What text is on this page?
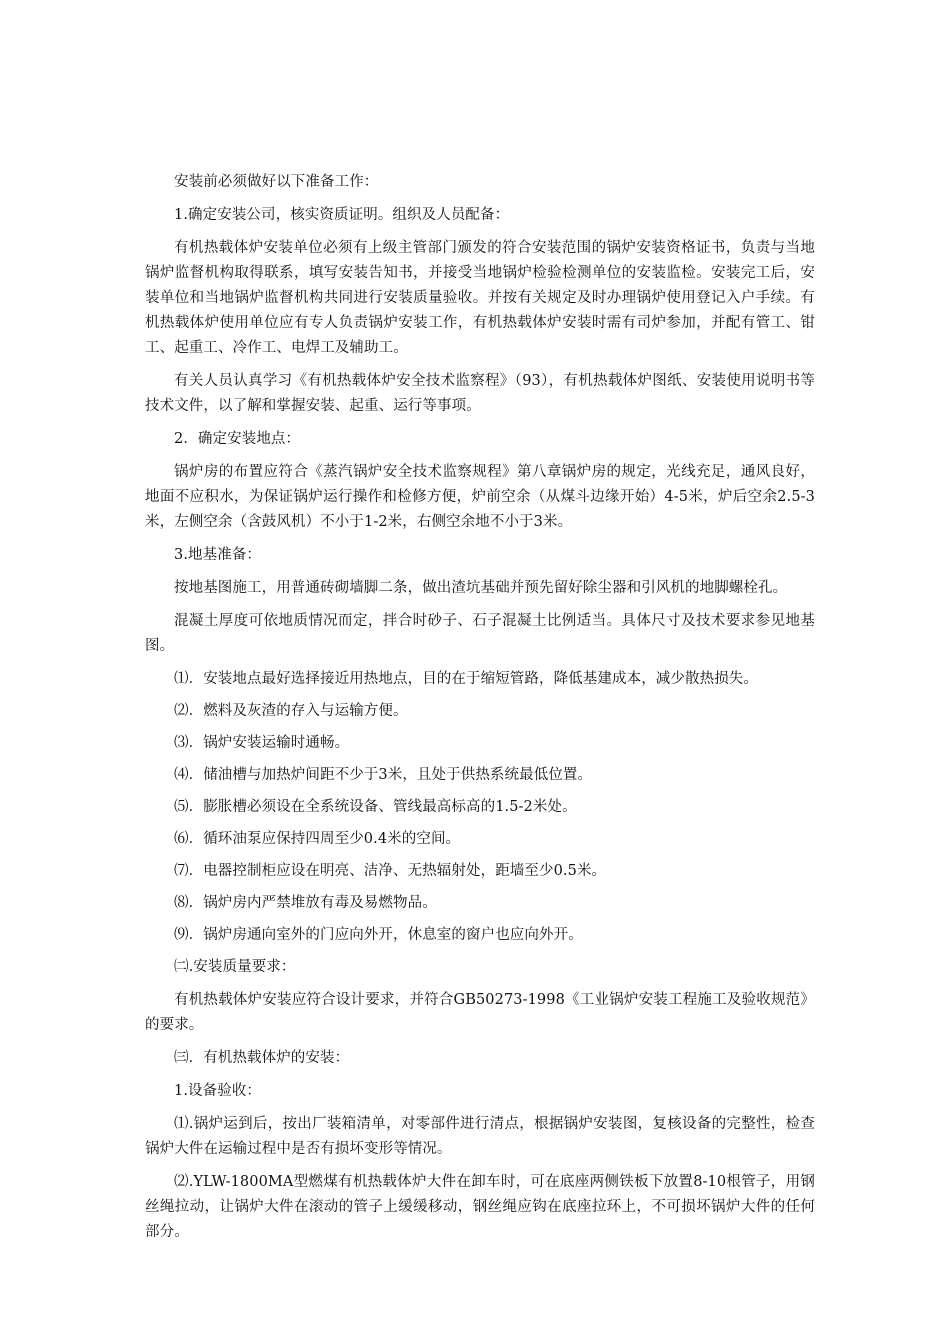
安装前必须做好以下准备工作：

1.确定安装公司，核实资质证明。组织及人员配备：

有机热载体炉安装单位必须有上级主管部门颁发的符合安装范围的锅炉安装资格证书，负责与当地锅炉监督机构取得联系，填写安装告知书，并接受当地锅炉检验检测单位的安装监检。安装完工后，安装单位和当地锅炉监督机构共同进行安装质量验收。并按有关规定及时办理锅炉使用登记入户手续。有机热载体炉使用单位应有专人负责锅炉安装工作，有机热载体炉安装时需有司炉参加，并配有管工、钳工、起重工、冷作工、电焊工及辅助工。

有关人员认真学习《有机热载体炉安全技术监察程》（93），有机热载体炉图纸、安装使用说明书等技术文件，以了解和掌握安装、起重、运行等事项。

2．确定安装地点：

锅炉房的布置应符合《蒸汽锅炉安全技术监察规程》第八章锅炉房的规定，光线充足，通风良好，地面不应积水，为保证锅炉运行操作和检修方便，炉前空余（从煤斗边缘开始）4-5米，炉后空余2.5-3米，左侧空余（含鼓风机）不小于1-2米，右侧空余地不小于3米。

3.地基准备：

按地基图施工，用普通砖砌墙脚二条，做出渣坑基础并预先留好除尘器和引风机的地脚螺栓孔。

混凝土厚度可依地质情况而定，拌合时砂子、石子混凝土比例适当。具体尺寸及技术要求参见地基图。

⑴．安装地点最好选择接近用热地点，目的在于缩短管路，降低基建成本，减少散热损失。

⑵．燃料及灰渣的存入与运输方便。

⑶．锅炉安装运输时通畅。

⑷．储油槽与加热炉间距不少于3米，且处于供热系统最低位置。

⑸．膨胀槽必须设在全系统设备、管线最高标高的1.5-2米处。

⑹．循环油泵应保持四周至少0.4米的空间。

⑺．电器控制柜应设在明亮、洁净、无热辐射处，距墙至少0.5米。

⑻．锅炉房内严禁堆放有毒及易燃物品。

⑼．锅炉房通向室外的门应向外开，休息室的窗户也应向外开。

㈡.安装质量要求：

有机热载体炉安装应符合设计要求，并符合GB50273-1998《工业锅炉安装工程施工及验收规范》的要求。

㈢．有机热载体炉的安装：

1.设备验收：

⑴.锅炉运到后，按出厂装箱清单，对零部件进行清点，根据锅炉安装图，复核设备的完整性，检查锅炉大件在运输过程中是否有损坏变形等情况。

⑵.YLW-1800MA型燃煤有机热载体炉大件在卸车时，可在底座两侧铁板下放置8-10根管子，用钢丝绳拉动，让锅炉大件在滚动的管子上缓缓移动，钢丝绳应钩在底座拉环上，不可损坏锅炉大件的任何部分。
